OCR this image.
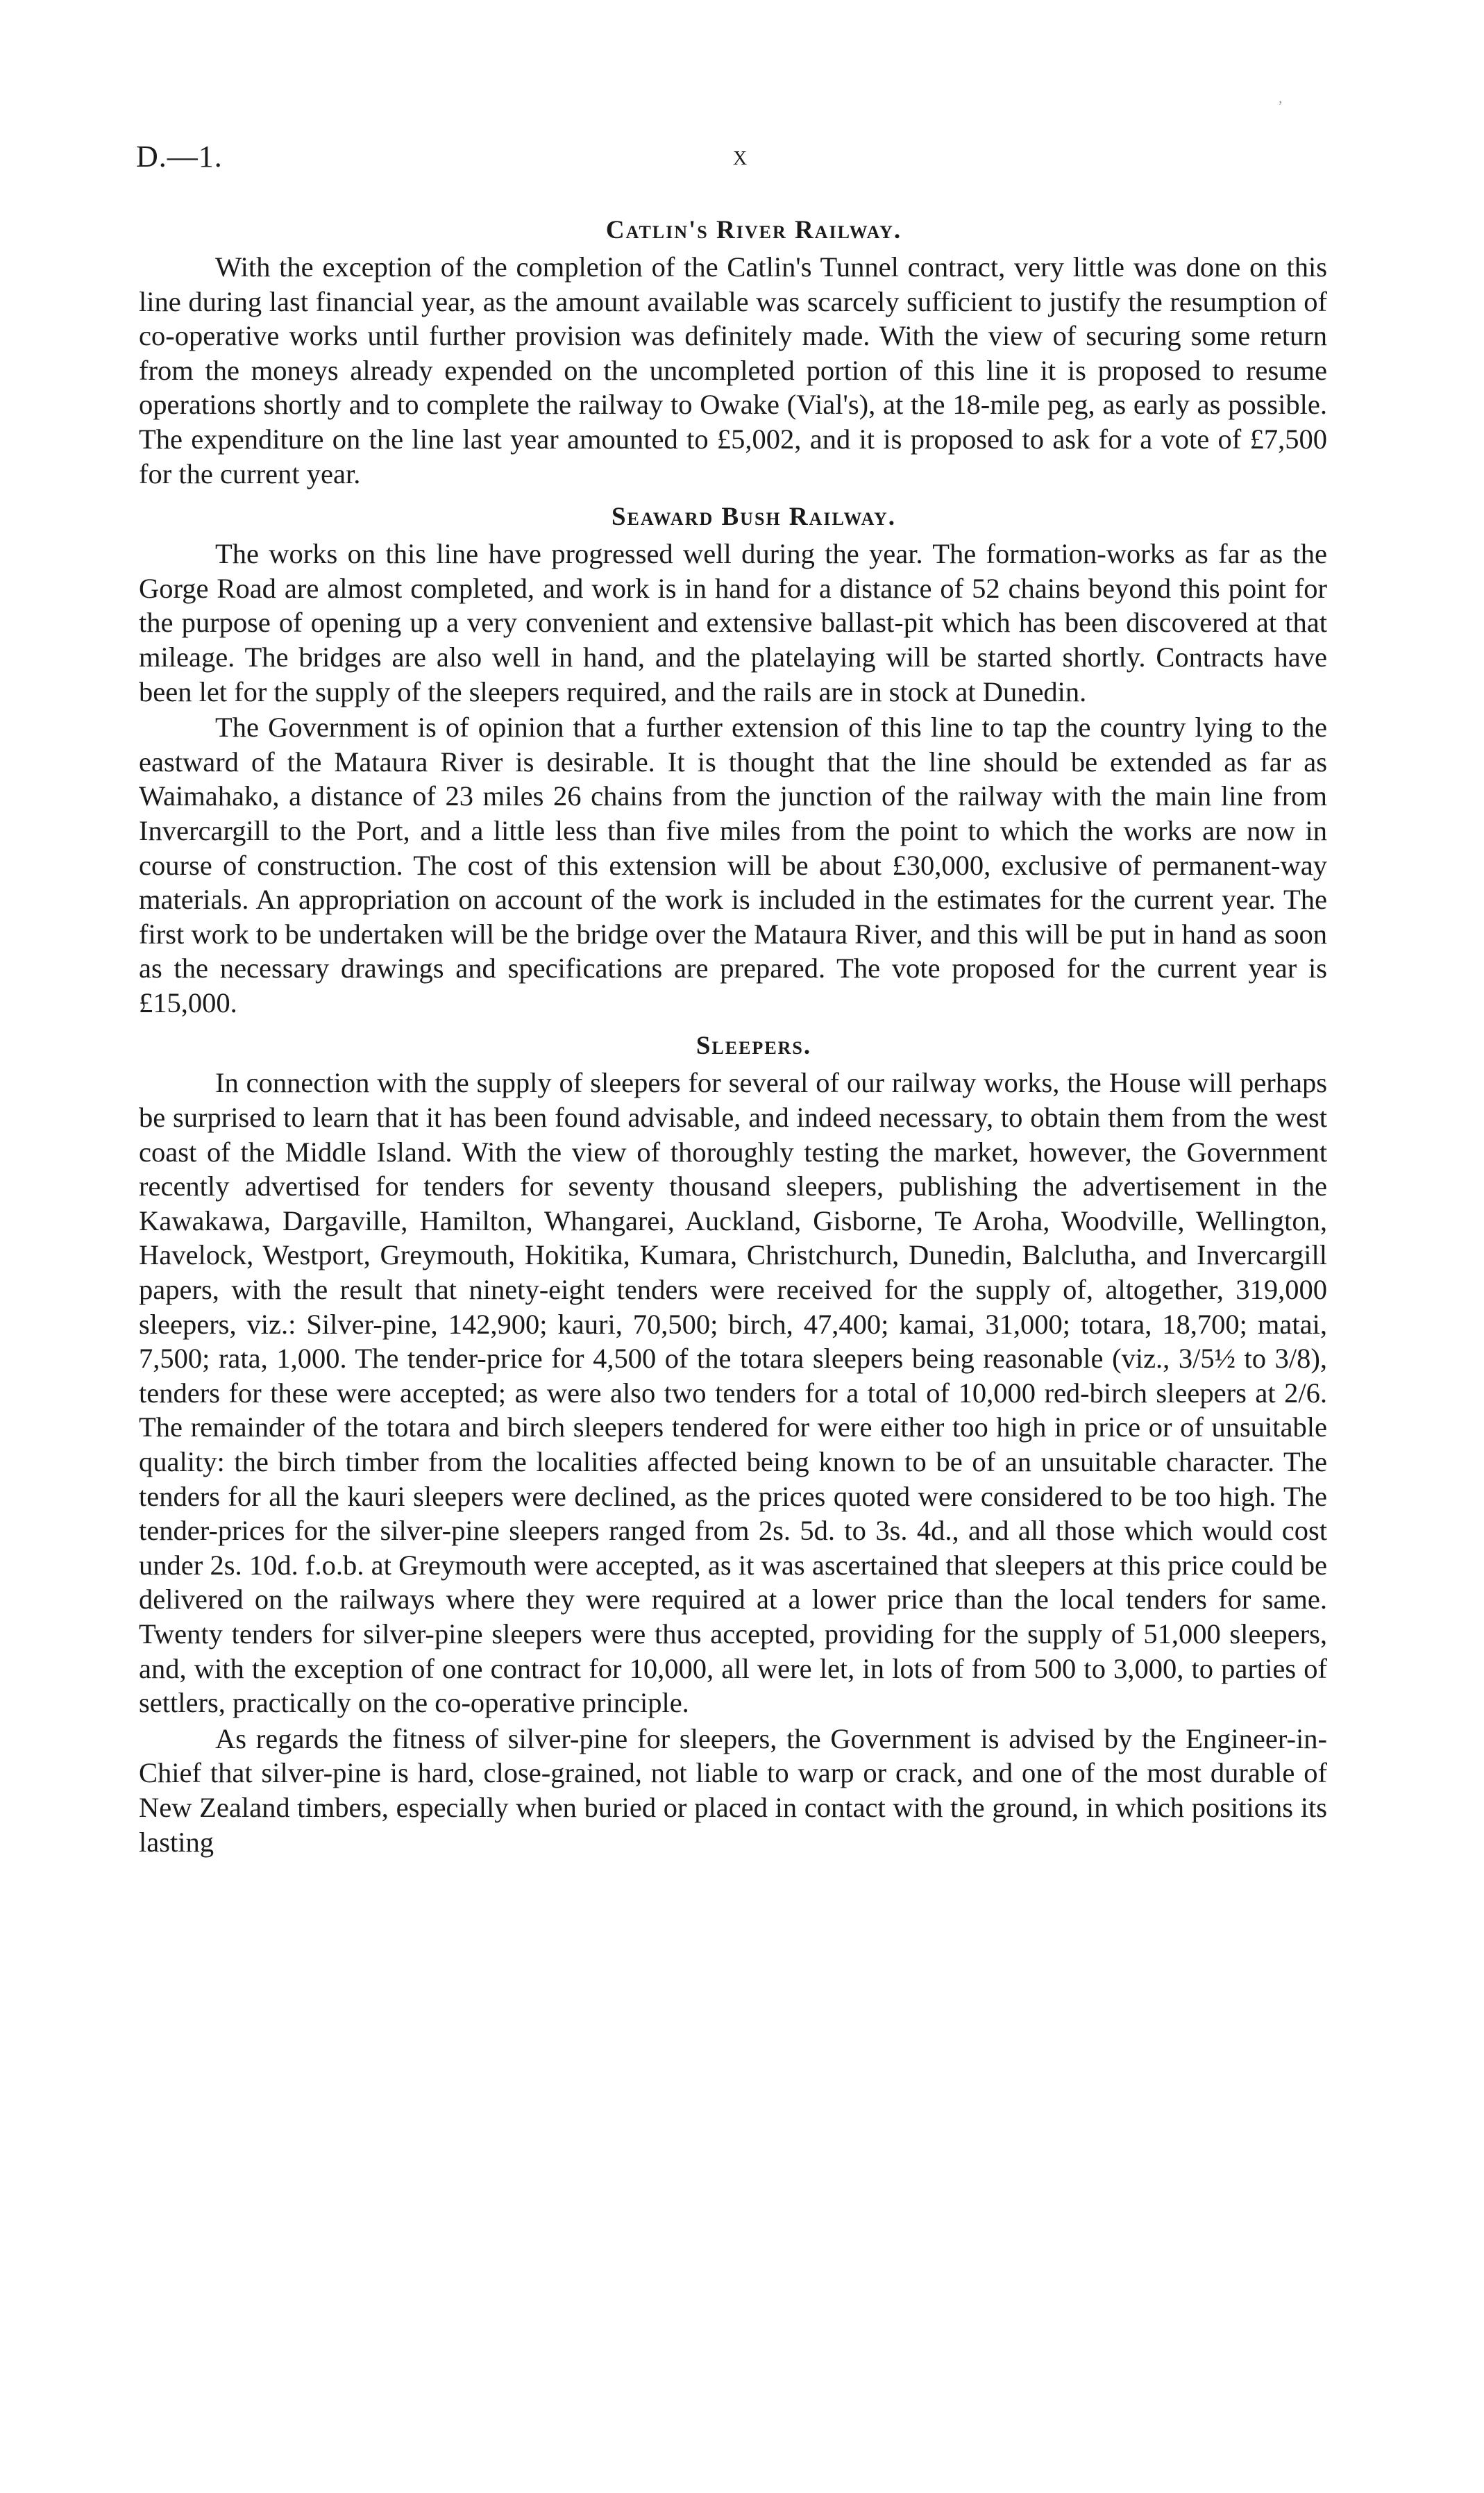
,
D.—1.	x
Catlin's River Railway.

With the exception of the completion of the Catlin's Tunnel contract, very little was done on this line during last financial year, as the amount available was scarcely sufficient to justify the resumption of co-operative works until further provision was definitely made. With the view of securing some return from the moneys already expended on the uncompleted portion of this line it is proposed to resume operations shortly and to complete the railway to Owake (Vial's), at the 18-mile peg, as early as possible. The expenditure on the line last year amounted to £5,002, and it is proposed to ask for a vote of £7,500 for the current year.

Seaward Bush Railway.

The works on this line have progressed well during the year. The formation-works as far as the Gorge Road are almost completed, and work is in hand for a distance of 52 chains beyond this point for the purpose of opening up a very convenient and extensive ballast-pit which has been discovered at that mileage. The bridges are also well in hand, and the platelaying will be started shortly. Contracts have been let for the supply of the sleepers required, and the rails are in stock at Dunedin.

The Government is of opinion that a further extension of this line to tap the country lying to the eastward of the Mataura River is desirable. It is thought that the line should be extended as far as Waimahako, a distance of 23 miles 26 chains from the junction of the railway with the main line from Invercargill to the Port, and a little less than five miles from the point to which the works are now in course of construction. The cost of this extension will be about £30,000, exclusive of permanent-way materials. An appropriation on account of the work is included in the estimates for the current year. The first work to be undertaken will be the bridge over the Mataura River, and this will be put in hand as soon as the necessary drawings and specifications are prepared. The vote proposed for the current year is £15,000.

Sleepers.

In connection with the supply of sleepers for several of our railway works, the House will perhaps be surprised to learn that it has been found advisable, and indeed necessary, to obtain them from the west coast of the Middle Island. With the view of thoroughly testing the market, however, the Government recently advertised for tenders for seventy thousand sleepers, publishing the advertisement in the Kawakawa, Dargaville, Hamilton, Whangarei, Auckland, Gisborne, Te Aroha, Woodville, Wellington, Havelock, Westport, Greymouth, Hokitika, Kumara, Christchurch, Dunedin, Balclutha, and Invercargill papers, with the result that ninety-eight tenders were received for the supply of, altogether, 319,000 sleepers, viz.: Silver-pine, 142,900; kauri, 70,500; birch, 47,400; kamai, 31,000; totara, 18,700; matai, 7,500; rata, 1,000. The tender-price for 4,500 of the totara sleepers being reasonable (viz., 3/5½ to 3/8), tenders for these were accepted; as were also two tenders for a total of 10,000 red-birch sleepers at 2/6. The remainder of the totara and birch sleepers tendered for were either too high in price or of unsuitable quality: the birch timber from the localities affected being known to be of an unsuitable character. The tenders for all the kauri sleepers were declined, as the prices quoted were considered to be too high. The tender-prices for the silver-pine sleepers ranged from 2s. 5d. to 3s. 4d., and all those which would cost under 2s. 10d. f.o.b. at Greymouth were accepted, as it was ascertained that sleepers at this price could be delivered on the railways where they were required at a lower price than the local tenders for same. Twenty tenders for silver-pine sleepers were thus accepted, providing for the supply of 51,000 sleepers, and, with the exception of one contract for 10,000, all were let, in lots of from 500 to 3,000, to parties of settlers, practically on the co-operative principle.

As regards the fitness of silver-pine for sleepers, the Government is advised by the Engineer-in-Chief that silver-pine is hard, close-grained, not liable to warp or crack, and one of the most durable of New Zealand timbers, especially when buried or placed in contact with the ground, in which positions its lasting
